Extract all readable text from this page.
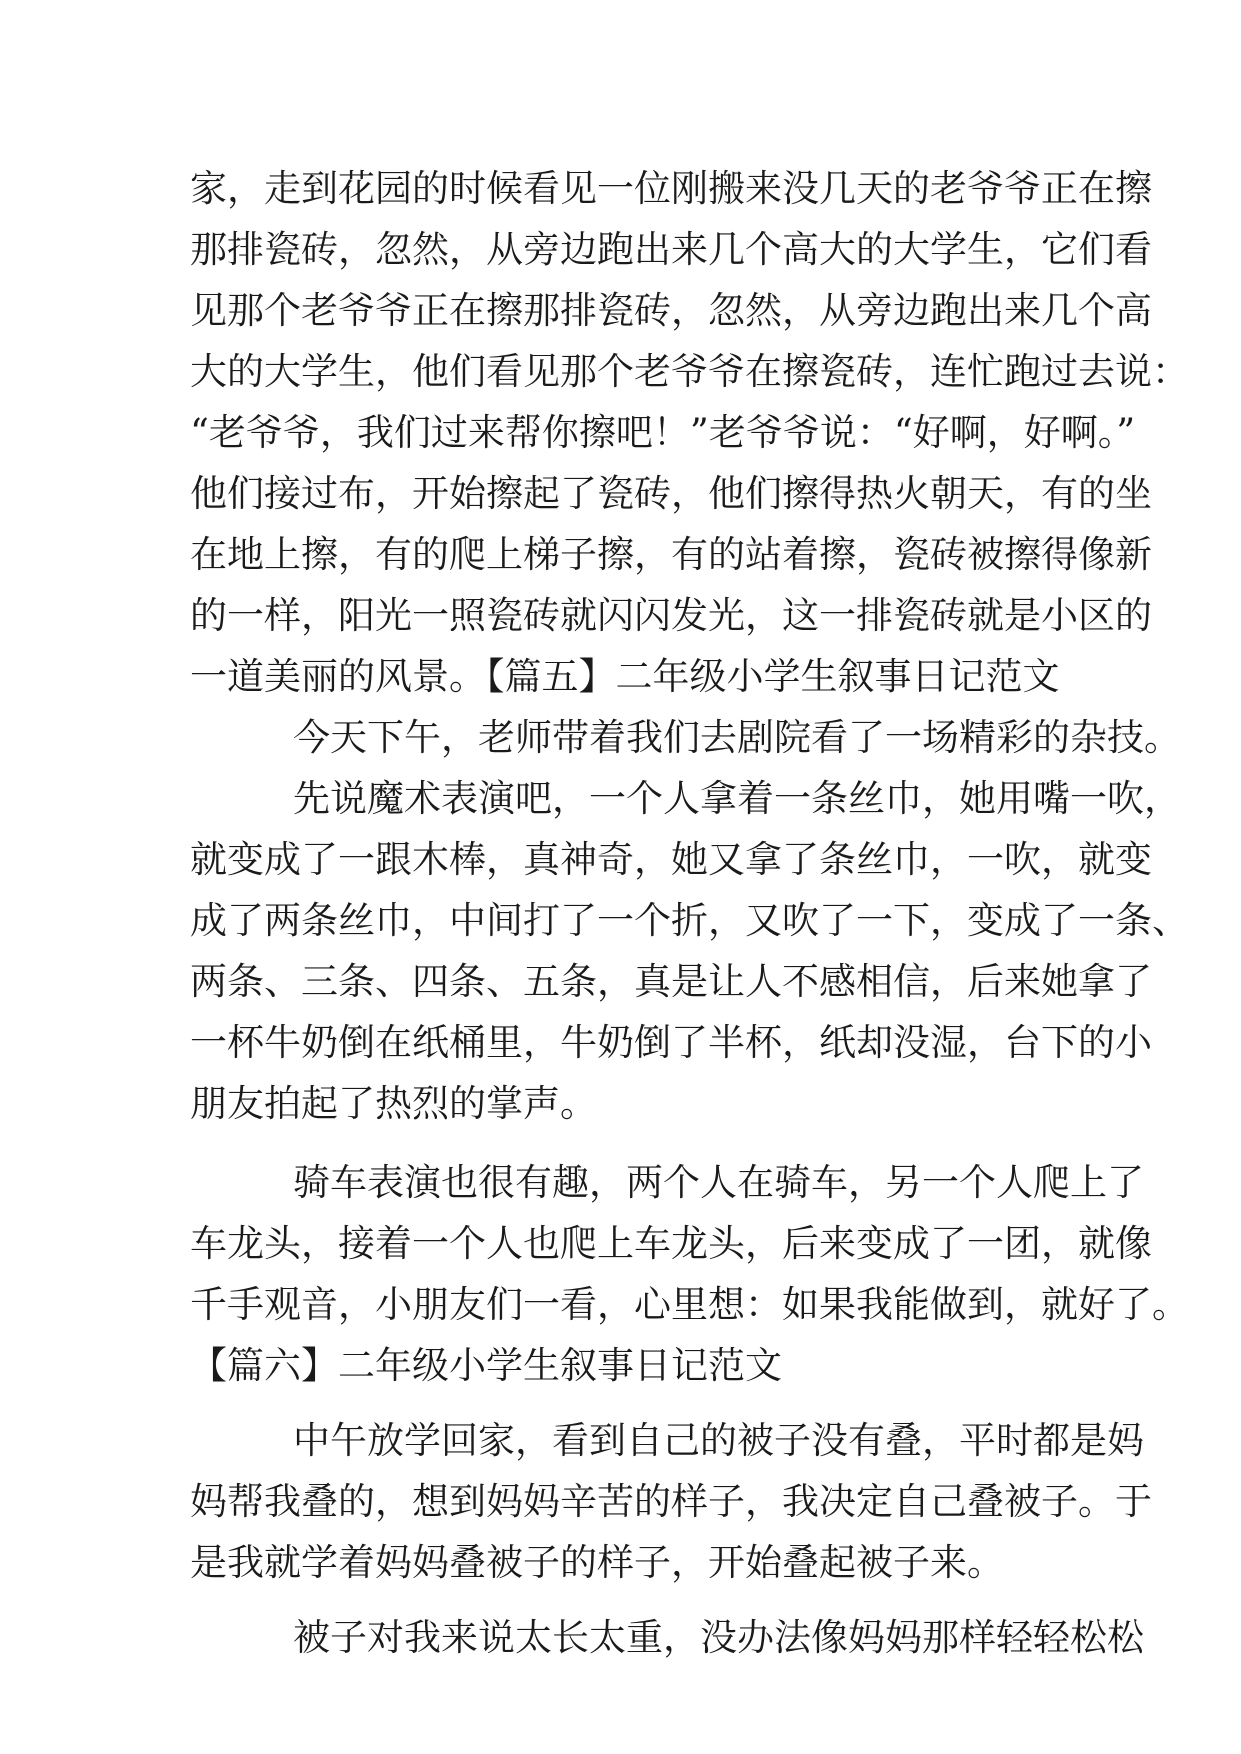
家，走到花园的时候看见一位刚搬来没几天的老爷爷正在擦
那排瓷砖，忽然，从旁边跑出来几个高大的大学生，它们看
见那个老爷爷正在擦那排瓷砖，忽然，从旁边跑出来几个高
大的大学生，他们看见那个老爷爷在擦瓷砖，连忙跑过去说：
“老爷爷，我们过来帮你擦吧！”老爷爷说：“好啊，好啊。”
他们接过布，开始擦起了瓷砖，他们擦得热火朝天，有的坐
在地上擦，有的爬上梯子擦，有的站着擦，瓷砖被擦得像新
的一样，阳光一照瓷砖就闪闪发光，这一排瓷砖就是小区的
一道美丽的风景。【篇五】二年级小学生叙事日记范文
今天下午，老师带着我们去剧院看了一场精彩的杂技。
先说魔术表演吧，一个人拿着一条丝巾，她用嘴一吹，
就变成了一跟木棒，真神奇，她又拿了条丝巾，一吹，就变
成了两条丝巾，中间打了一个折，又吹了一下，变成了一条、
两条、三条、四条、五条，真是让人不感相信，后来她拿了
一杯牛奶倒在纸桶里，牛奶倒了半杯，纸却没湿，台下的小
朋友拍起了热烈的掌声。
骑车表演也很有趣，两个人在骑车，另一个人爬上了
车龙头，接着一个人也爬上车龙头，后来变成了一团，就像
千手观音，小朋友们一看，心里想：如果我能做到，就好了。
【篇六】二年级小学生叙事日记范文
中午放学回家，看到自己的被子没有叠，平时都是妈
妈帮我叠的，想到妈妈辛苦的样子，我决定自己叠被子。于
是我就学着妈妈叠被子的样子，开始叠起被子来。
被子对我来说太长太重，没办法像妈妈那样轻轻松松
